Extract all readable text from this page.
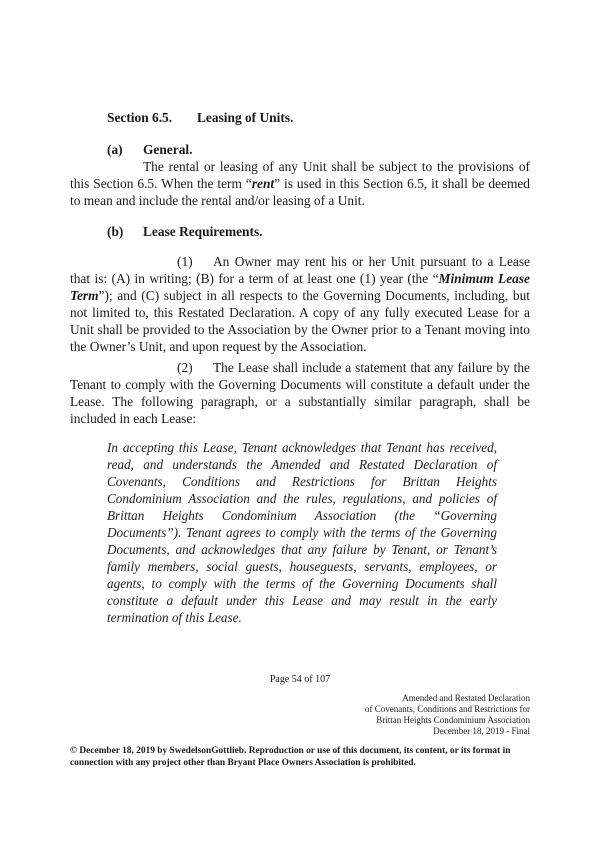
Section 6.5. Leasing of Units.
(a) General.
The rental or leasing of any Unit shall be subject to the provisions of this Section 6.5. When the term “rent” is used in this Section 6.5, it shall be deemed to mean and include the rental and/or leasing of a Unit.
(b) Lease Requirements.
(1) An Owner may rent his or her Unit pursuant to a Lease that is: (A) in writing; (B) for a term of at least one (1) year (the “Minimum Lease Term”); and (C) subject in all respects to the Governing Documents, including, but not limited to, this Restated Declaration. A copy of any fully executed Lease for a Unit shall be provided to the Association by the Owner prior to a Tenant moving into the Owner’s Unit, and upon request by the Association.
(2) The Lease shall include a statement that any failure by the Tenant to comply with the Governing Documents will constitute a default under the Lease. The following paragraph, or a substantially similar paragraph, shall be included in each Lease:
In accepting this Lease, Tenant acknowledges that Tenant has received, read, and understands the Amended and Restated Declaration of Covenants, Conditions and Restrictions for Brittan Heights Condominium Association and the rules, regulations, and policies of Brittan Heights Condominium Association (the “Governing Documents”). Tenant agrees to comply with the terms of the Governing Documents, and acknowledges that any failure by Tenant, or Tenant’s family members, social guests, houseguests, servants, employees, or agents, to comply with the terms of the Governing Documents shall constitute a default under this Lease and may result in the early termination of this Lease.
Page 54 of 107
Amended and Restated Declaration
of Covenants, Conditions and Restrictions for
Brittan Heights Condominium Association
December 18, 2019 - Final
© December 18, 2019 by SwedelsonGottlieb. Reproduction or use of this document, its content, or its format in connection with any project other than Bryant Place Owners Association is prohibited.
